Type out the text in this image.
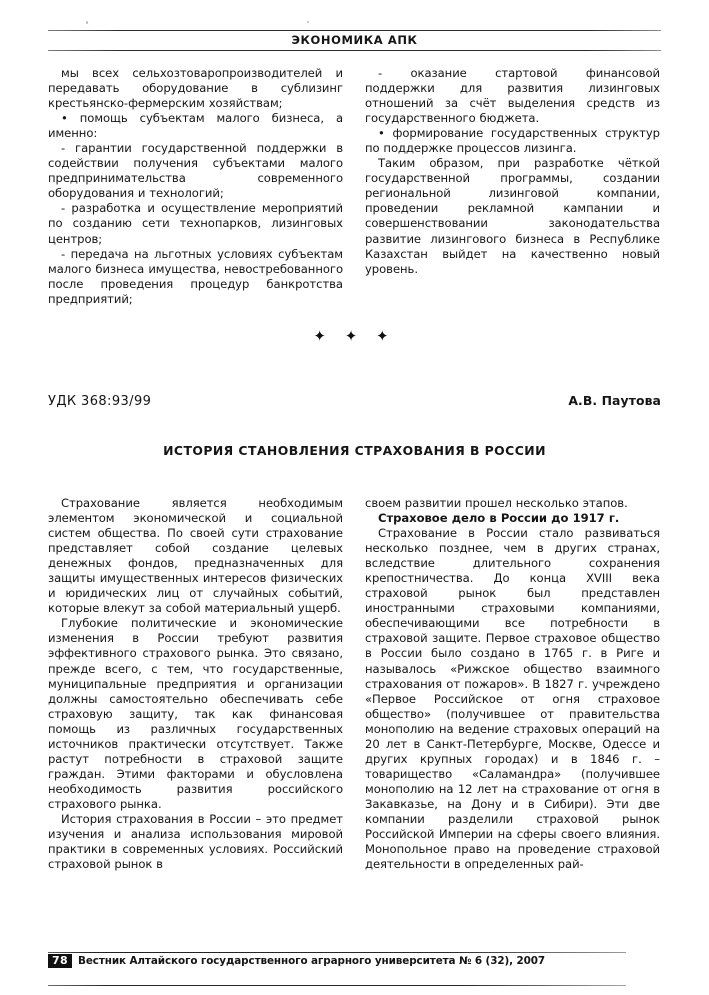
ЭКОНОМИКА АПК

мы всех сельхозтоваропроизводителей и передавать оборудование в сублизинг крестьянско-фермерским хозяйствам;

• помощь субъектам малого бизнеса, а именно:

- гарантии государственной поддержки в содействии получения субъектами малого предпринимательства современного оборудования и технологий;

- разработка и осуществление мероприятий по созданию сети технопарков, лизинговых центров;

- передача на льготных условиях субъектам малого бизнеса имущества, невостребованного после проведения процедур банкротства предприятий;

- оказание стартовой финансовой поддержки для развития лизинговых отношений за счёт выделения средств из государственного бюджета.

• формирование государственных структур по поддержке процессов лизинга.

Таким образом, при разработке чёткой государственной программы, создании региональной лизинговой компании, проведении рекламной кампании и совершенствовании законодательства развитие лизингового бизнеса в Республике Казахстан выйдет на качественно новый уровень.

✦ ✦ ✦
УДК 368:93/99	А.В. Паутова
ИСТОРИЯ СТАНОВЛЕНИЯ СТРАХОВАНИЯ В РОССИИ

Страхование является необходимым элементом экономической и социальной систем общества. По своей сути страхование представляет собой создание целевых денежных фондов, предназначенных для защиты имущественных интересов физических и юридических лиц от случайных событий, которые влекут за собой материальный ущерб.

Глубокие политические и экономические изменения в России требуют развития эффективного страхового рынка. Это связано, прежде всего, с тем, что государственные, муниципальные предприятия и организации должны самостоятельно обеспечивать себе страховую защиту, так как финансовая помощь из различных государственных источников практически отсутствует. Также растут потребности в страховой защите граждан. Этими факторами и обусловлена необходимость развития российского страхового рынка.

История страхования в России – это предмет изучения и анализа использования мировой практики в современных условиях. Российский страховой рынок в

своем развитии прошел несколько этапов.

Страховое дело в России до 1917 г.

Страхование в России стало развиваться несколько позднее, чем в других странах, вследствие длительного сохранения крепостничества. До конца XVIII века страховой рынок был представлен иностранными страховыми компаниями, обеспечивающими все потребности в страховой защите. Первое страховое общество в России было создано в 1765 г. в Риге и называлось «Рижское общество взаимного страхования от пожаров». В 1827 г. учреждено «Первое Российское от огня страховое общество» (получившее от правительства монополию на ведение страховых операций на 20 лет в Санкт-Петербурге, Москве, Одессе и других крупных городах) и в 1846 г. – товарищество «Саламандра» (получившее монополию на 12 лет на страхование от огня в Закавказье, на Дону и в Сибири). Эти две компании разделили страховой рынок Российской Империи на сферы своего влияния. Монопольное право на проведение страховой деятельности в определенных рай-

78 Вестник Алтайского государственного аграрного университета № 6 (32), 2007
